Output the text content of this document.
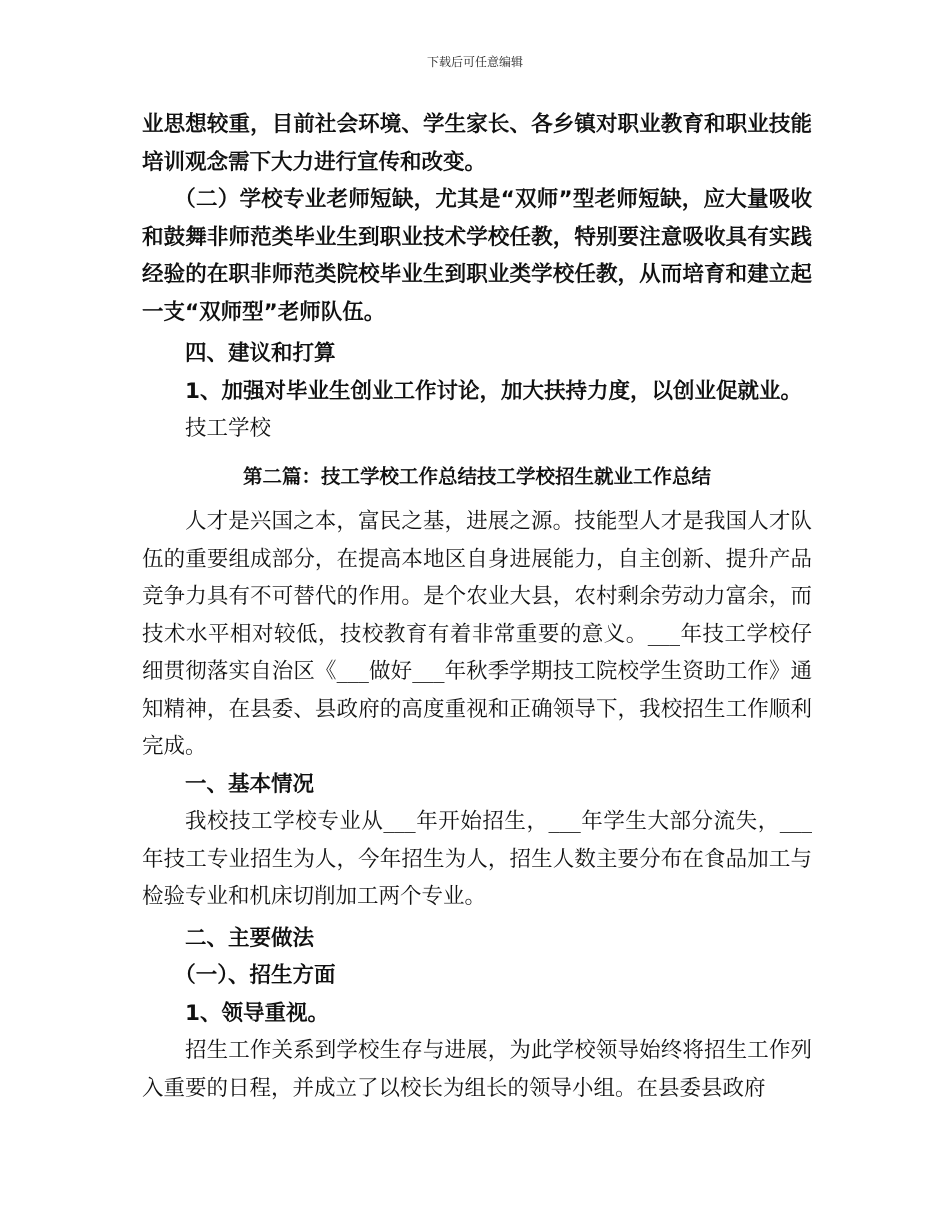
下载后可任意编辑

业思想较重，目前社会环境、学生家长、各乡镇对职业教育和职业技能培训观念需下大力进行宣传和改变。

（二）学校专业老师短缺，尤其是“双师”型老师短缺，应大量吸收和鼓舞非师范类毕业生到职业技术学校任教，特别要注意吸收具有实践经验的在职非师范类院校毕业生到职业类学校任教，从而培育和建立起一支“双师型”老师队伍。

四、建议和打算

1、加强对毕业生创业工作讨论，加大扶持力度，以创业促就业。

技工学校

第二篇：技工学校工作总结技工学校招生就业工作总结

人才是兴国之本，富民之基，进展之源。技能型人才是我国人才队伍的重要组成部分，在提高本地区自身进展能力，自主创新、提升产品竞争力具有不可替代的作用。是个农业大县，农村剩余劳动力富余，而技术水平相对较低，技校教育有着非常重要的意义。___年技工学校仔细贯彻落实自治区《___做好___年秋季学期技工院校学生资助工作》通知精神，在县委、县政府的高度重视和正确领导下，我校招生工作顺利完成。

一、基本情况

我校技工学校专业从___年开始招生，___年学生大部分流失，___年技工专业招生为人，今年招生为人，招生人数主要分布在食品加工与检验专业和机床切削加工两个专业。

二、主要做法

（一）、招生方面

1、领导重视。

招生工作关系到学校生存与进展，为此学校领导始终将招生工作列入重要的日程，并成立了以校长为组长的领导小组。在县委县政府
